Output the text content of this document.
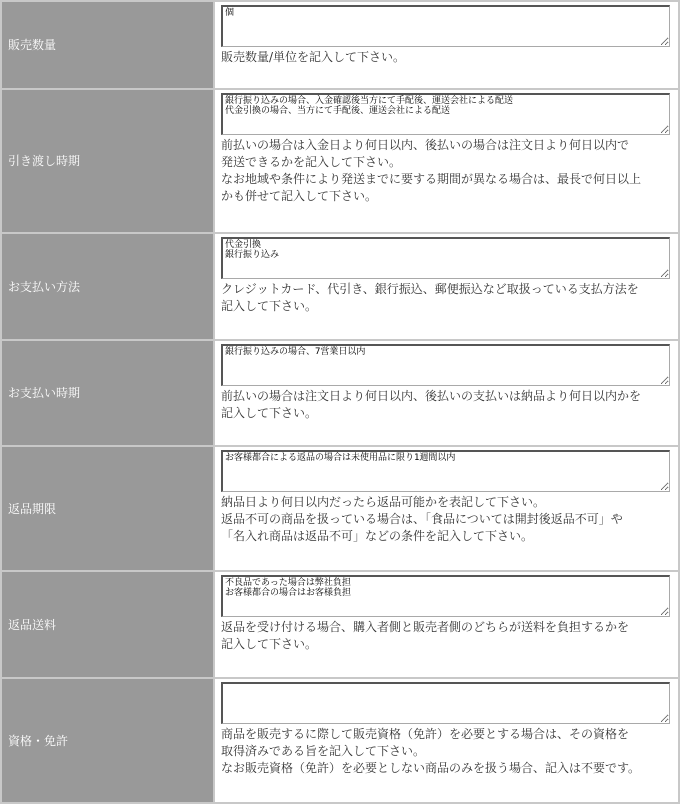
販売数量	
個
販売数量/単位を記入して下さい。

引き渡し時期	
銀行振り込みの場合、入金確認後当方にて手配後、運送会社による配送 代金引換の場合、当方にて手配後、運送会社による配送
前払いの場合は入金日より何日以内、後払いの場合は注文日より何日以内で
発送できるかを記入して下さい。
なお地域や条件により発送までに要する期間が異なる場合は、最長で何日以上
かも併せて記入して下さい。

お支払い方法	
代金引換 銀行振り込み
クレジットカード、代引き、銀行振込、郵便振込など取扱っている支払方法を
記入して下さい。

お支払い時期	
銀行振り込みの場合、7営業日以内
前払いの場合は注文日より何日以内、後払いの支払いは納品より何日以内かを
記入して下さい。

返品期限	
お客様都合による返品の場合は未使用品に限り1週間以内
納品日より何日以内だったら返品可能かを表記して下さい。
返品不可の商品を扱っている場合は、「食品については開封後返品不可」や
「名入れ商品は返品不可」などの条件を記入して下さい。

返品送料	
不良品であった場合は弊社負担 お客様都合の場合はお客様負担
返品を受け付ける場合、購入者側と販売者側のどちらが送料を負担するかを
記入して下さい。

資格・免許	商品を販売するに際して販売資格（免許）を必要とする場合は、その資格を
取得済みである旨を記入して下さい。
なお販売資格（免許）を必要としない商品のみを扱う場合、記入は不要です。
